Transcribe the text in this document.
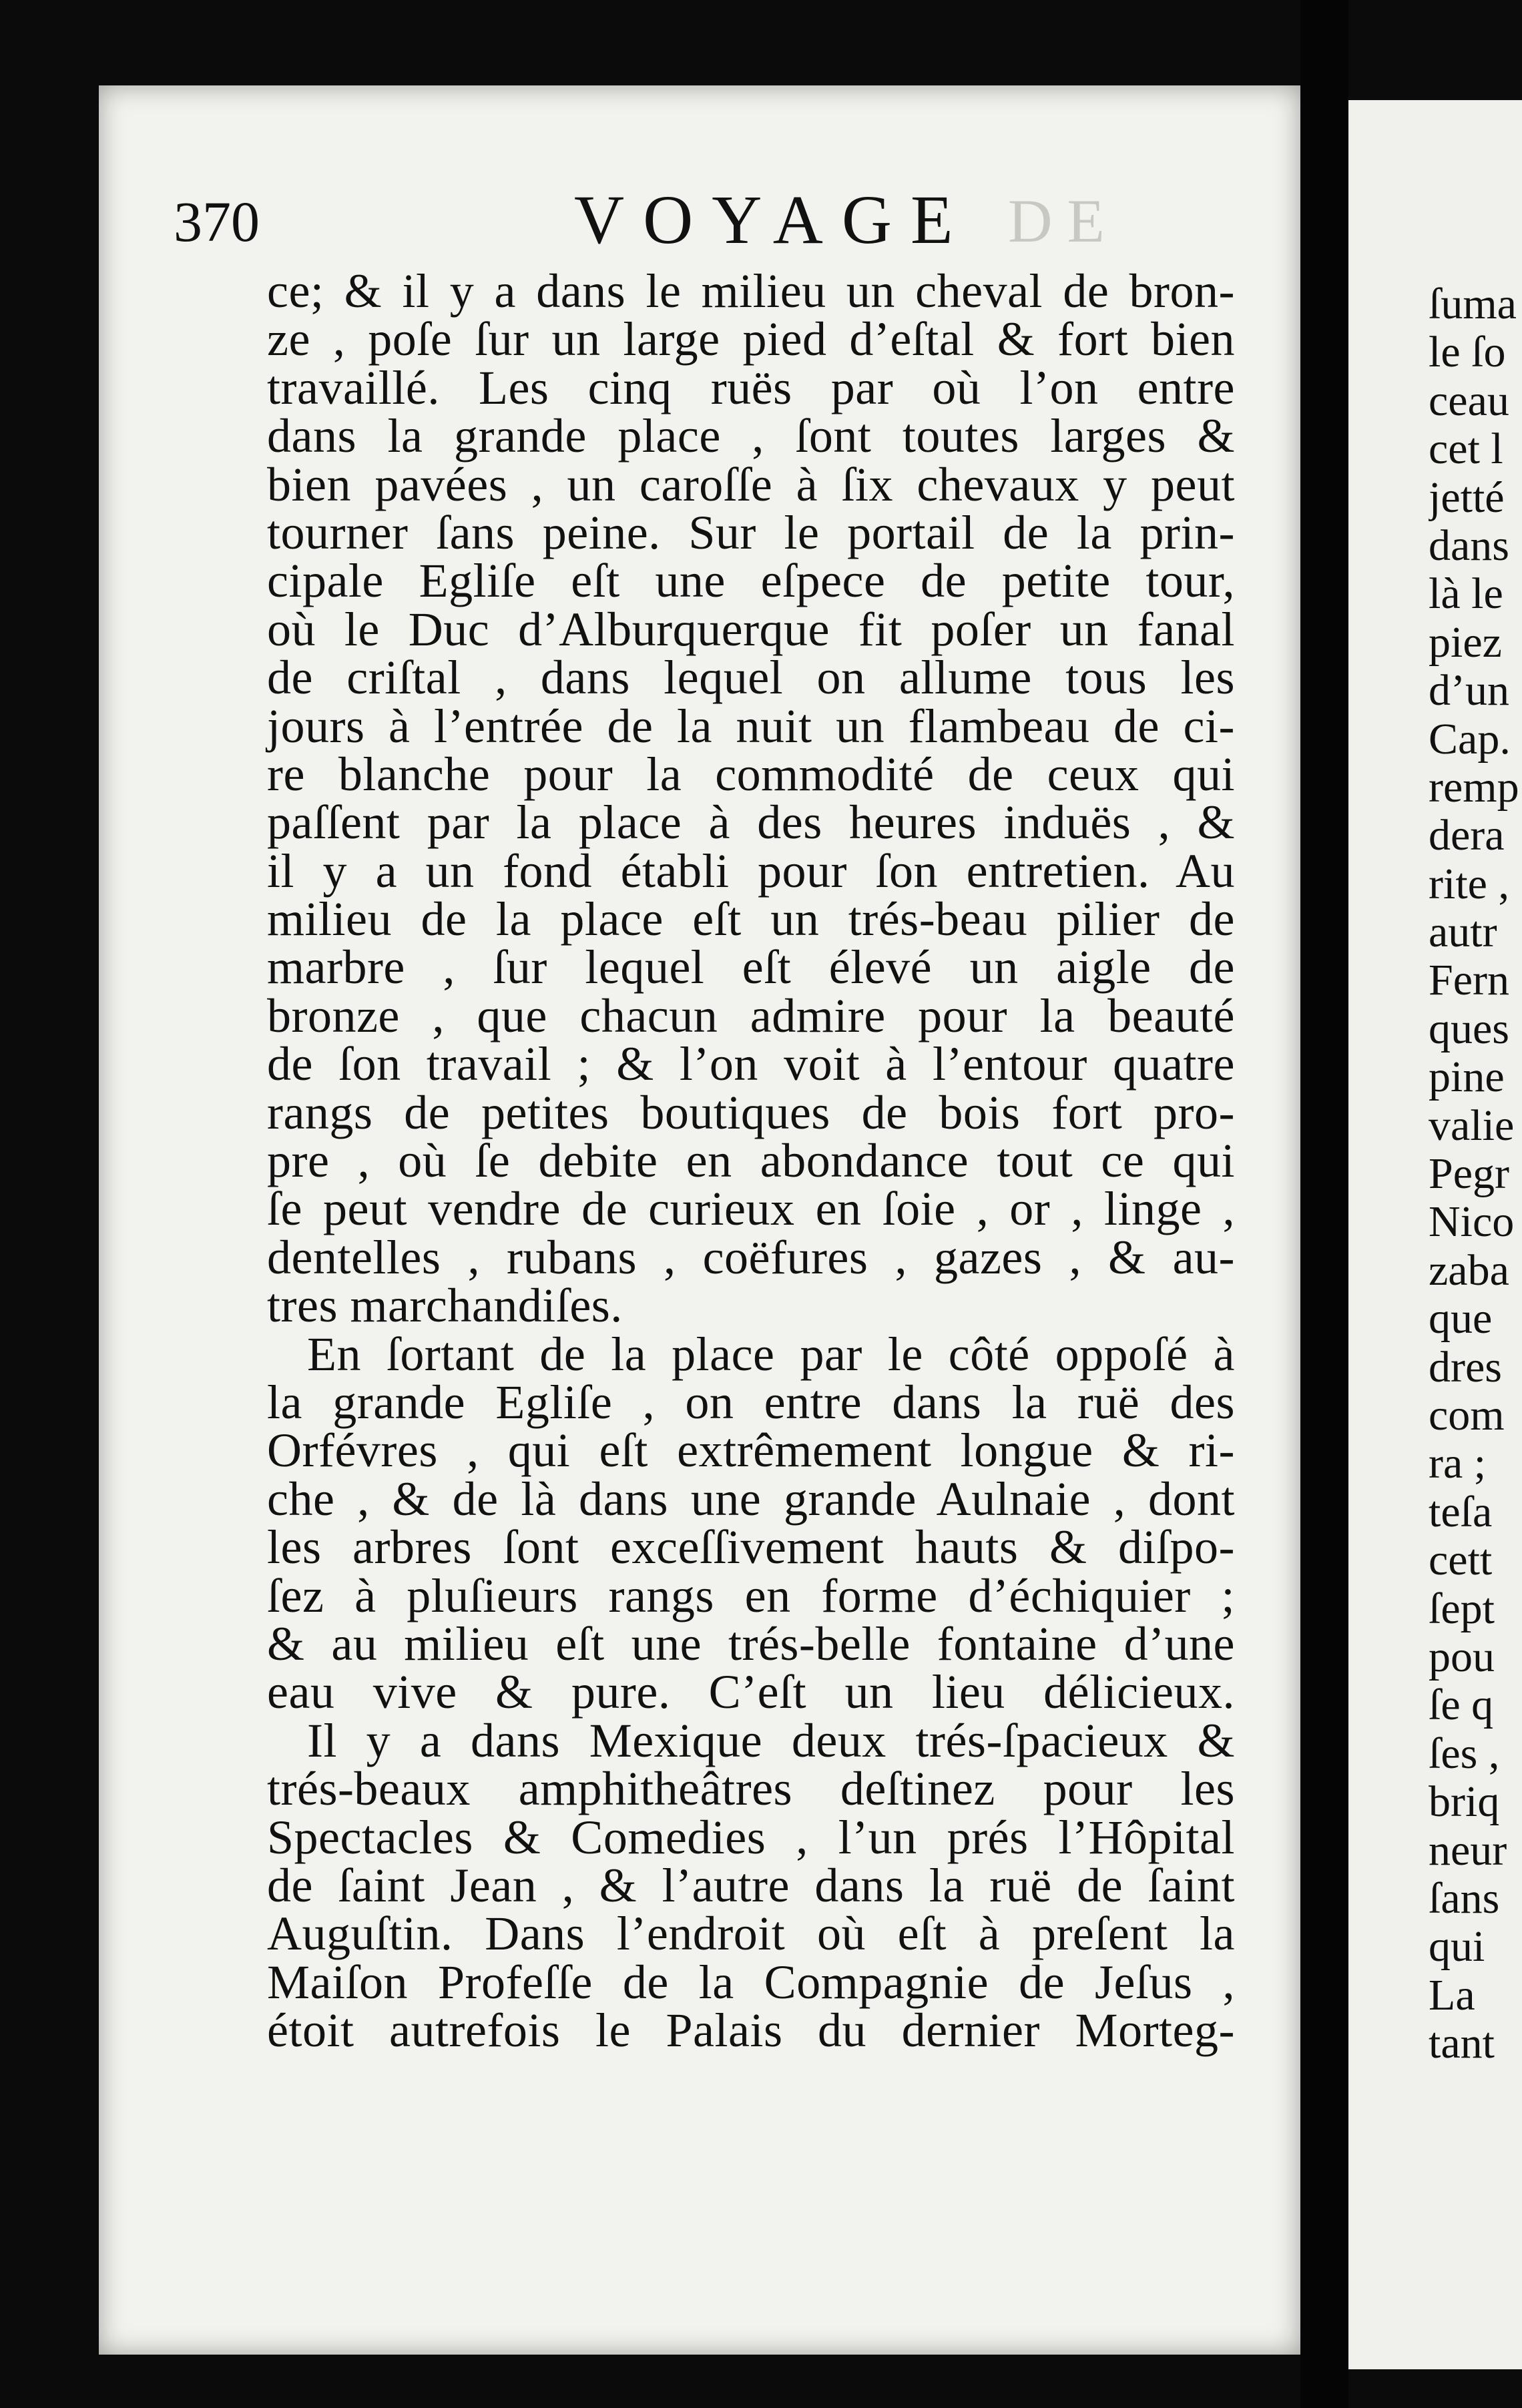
370	VOYAGE DE
ce; & il y a dans le milieu un cheval de bron-
ze , poſe ſur un large pied d’eſtal & fort bien
travaillé. Les cinq ruës par où l’on entre
dans la grande place , ſont toutes larges &
bien pavées , un caroſſe à ſix chevaux y peut
tourner ſans peine. Sur le portail de la prin-
cipale Egliſe eſt une eſpece de petite tour,
où le Duc d’Alburquerque fit poſer un fanal
de criſtal , dans lequel on allume tous les
jours à l’entrée de la nuit un flambeau de ci-
re blanche pour la commodité de ceux qui
paſſent par la place à des heures induës , &
il y a un fond établi pour ſon entretien. Au
milieu de la place eſt un trés-beau pilier de
marbre , ſur lequel eſt élevé un aigle de
bronze , que chacun admire pour la beauté
de ſon travail ; & l’on voit à l’entour quatre
rangs de petites boutiques de bois fort pro-
pre , où ſe debite en abondance tout ce qui
ſe peut vendre de curieux en ſoie , or , linge ,
dentelles , rubans , coëfures , gazes , & au-
tres marchandiſes.
En ſortant de la place par le côté oppoſé à
la grande Egliſe , on entre dans la ruë des
Orfévres , qui eſt extrêmement longue & ri-
che , & de là dans une grande Aulnaie , dont
les arbres ſont exceſſivement hauts & diſpo-
ſez à pluſieurs rangs en forme d’échiquier ;
& au milieu eſt une trés-belle fontaine d’une
eau vive & pure. C’eſt un lieu délicieux.
Il y a dans Mexique deux trés-ſpacieux &
trés-beaux amphitheâtres deſtinez pour les
Spectacles & Comedies , l’un prés l’Hôpital
de ſaint Jean , & l’autre dans la ruë de ſaint
Auguſtin. Dans l’endroit où eſt à preſent la
Maiſon Profeſſe de la Compagnie de Jeſus ,
étoit autrefois le Palais du dernier Morteg-
ſuma
le ſo
ceau
cet l
jetté
dans
là le
piez
d’un
Cap.
remp
dera
rite ,
autr
Fern
ques
pine
valie
Pegr
Nico
zaba
que
dres
com
ra ;
teſa
cett
ſept
pou
ſe q
ſes ,
briq
neur
ſans
qui
La
tant
